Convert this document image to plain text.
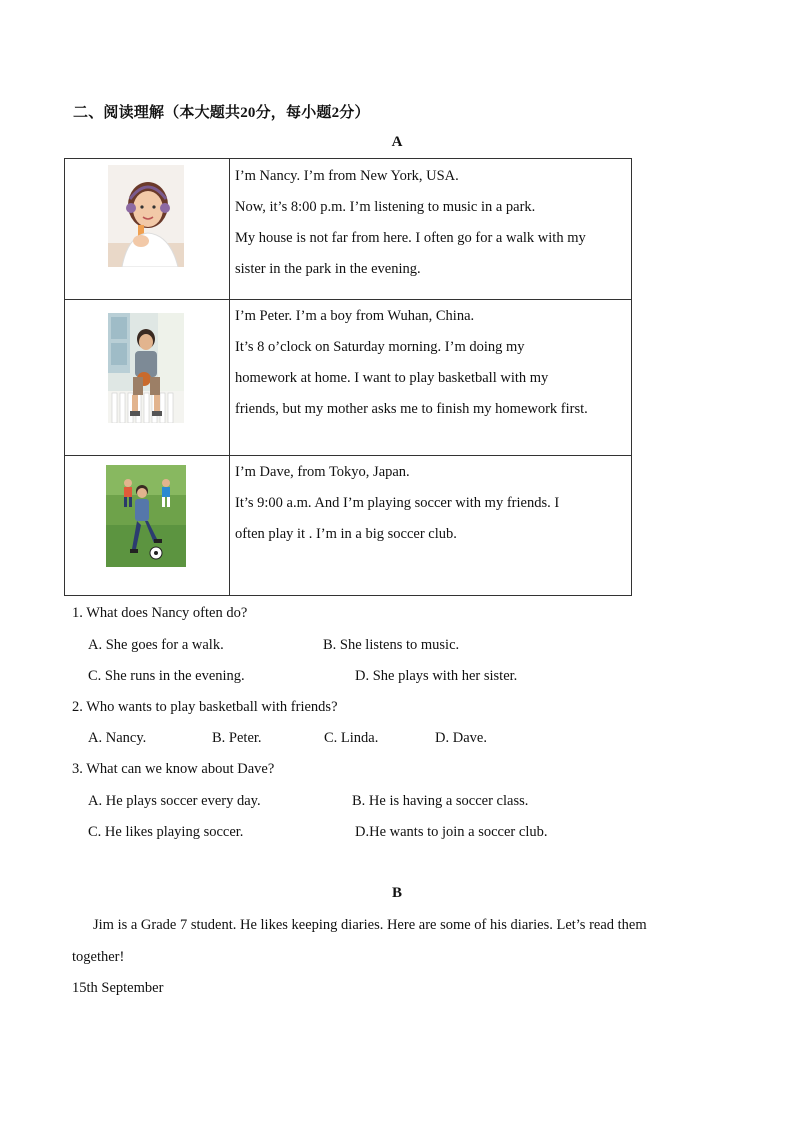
二、阅读理解（本大题共20分，每小题2分）
A
I’m Nancy. I’m from New York, USA.
Now, it’s 8:00 p.m. I’m listening to music in a park.
My house is not far from here. I often go for a walk with my
sister in the park in the evening.
I’m Peter. I’m a boy from Wuhan, China.
It’s 8 o’clock on Saturday morning. I’m doing my
homework at home. I want to play basketball with my
friends, but my mother asks me to finish my homework first.
I’m Dave, from Tokyo, Japan.
It’s 9:00 a.m. And I’m playing soccer with my friends. I
often play it . I’m in a big soccer club.
1. What does Nancy often do?
A. She goes for a walk.	B. She listens to music.
C. She runs in the evening.	D. She plays with her sister.
2. Who wants to play basketball with friends?
A. Nancy.	B. Peter.	C. Linda.	D. Dave.
3. What can we know about Dave?
A. He plays soccer every day.	B. He is having a soccer class.
C. He likes playing soccer.	D.He wants to join a soccer club.
B
Jim is a Grade 7 student. He likes keeping diaries. Here are some of his diaries. Let’s read them
together!
15th September
